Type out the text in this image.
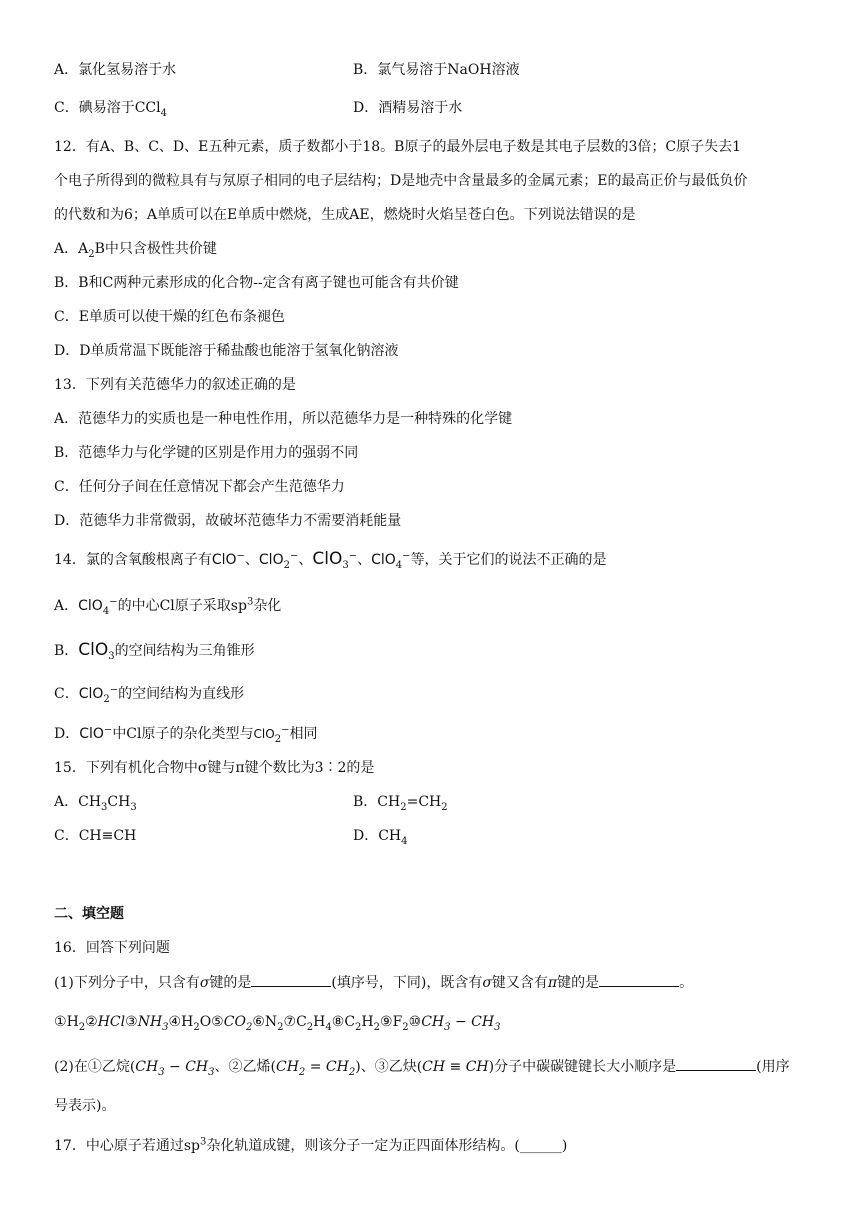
A．氯化氢易溶于水	B．氯气易溶于NaOH溶液
C．碘易溶于CCl$_4$	D．酒精易溶于水
12．有A、B、C、D、E五种元素，质子数都小于18。B原子的最外层电子数是其电子层数的3倍；C原子失去1
个电子所得到的微粒具有与氖原子相同的电子层结构；D是地壳中含量最多的金属元素；E的最高正价与最低负价
的代数和为6；A单质可以在E单质中燃烧，生成AE，燃烧时火焰呈苍白色。下列说法错误的是
A．$A_2B$中只含极性共价键
B．B和C两种元素形成的化合物--定含有离子键也可能含有共价键
C．E单质可以使干燥的红色布条褪色
D．D单质常温下既能溶于稀盐酸也能溶于氢氧化钠溶液
13．下列有关范德华力的叙述正确的是
A．范德华力的实质也是一种电性作用，所以范德华力是一种特殊的化学键
B．范德华力与化学键的区别是作用力的强弱不同
C．任何分子间在任意情况下都会产生范德华力
D．范德华力非常微弱，故破坏范德华力不需要消耗能量
14．氯的含氧酸根离子有ClO−、ClO$_2$−、ClO$_3$−、ClO$_4$−等，关于它们的说法不正确的是
A．ClO$_4$−的中心Cl原子采取$sp^3$杂化
B．ClO$_3$的空间结构为三角锥形
C．ClO$_2$−的空间结构为直线形
D．ClO−中Cl原子的杂化类型与ClO$_2$−相同
15．下列有机化合物中σ键与π键个数比为3∶2的是
A．$CH_3CH_3$	B．$CH_2=CH_2$
C．CH≡CH	D．$CH_4$
二、填空题
16．回答下列问题
(1)下列分子中，只含有σ键的是	(填序号，下同)，既含有σ键又含有π键的是	。
$①H_2②HCl③NH_3④H_2O⑤CO_2⑥N_2⑦C_2H_4⑧C_2H_2⑨F_2⑩CH_3 - CH_3$
(2)在①乙烷($CH_3 - CH_3$、②乙烯$(CH_2 = CH_2)$、③乙炔(CH ≡ CH)分子中碳碳键键长大小顺序是	(用序
号表示)。
17．中心原子若通过$sp^3$杂化轨道成键，则该分子一定为正四面体形结构。(______)
